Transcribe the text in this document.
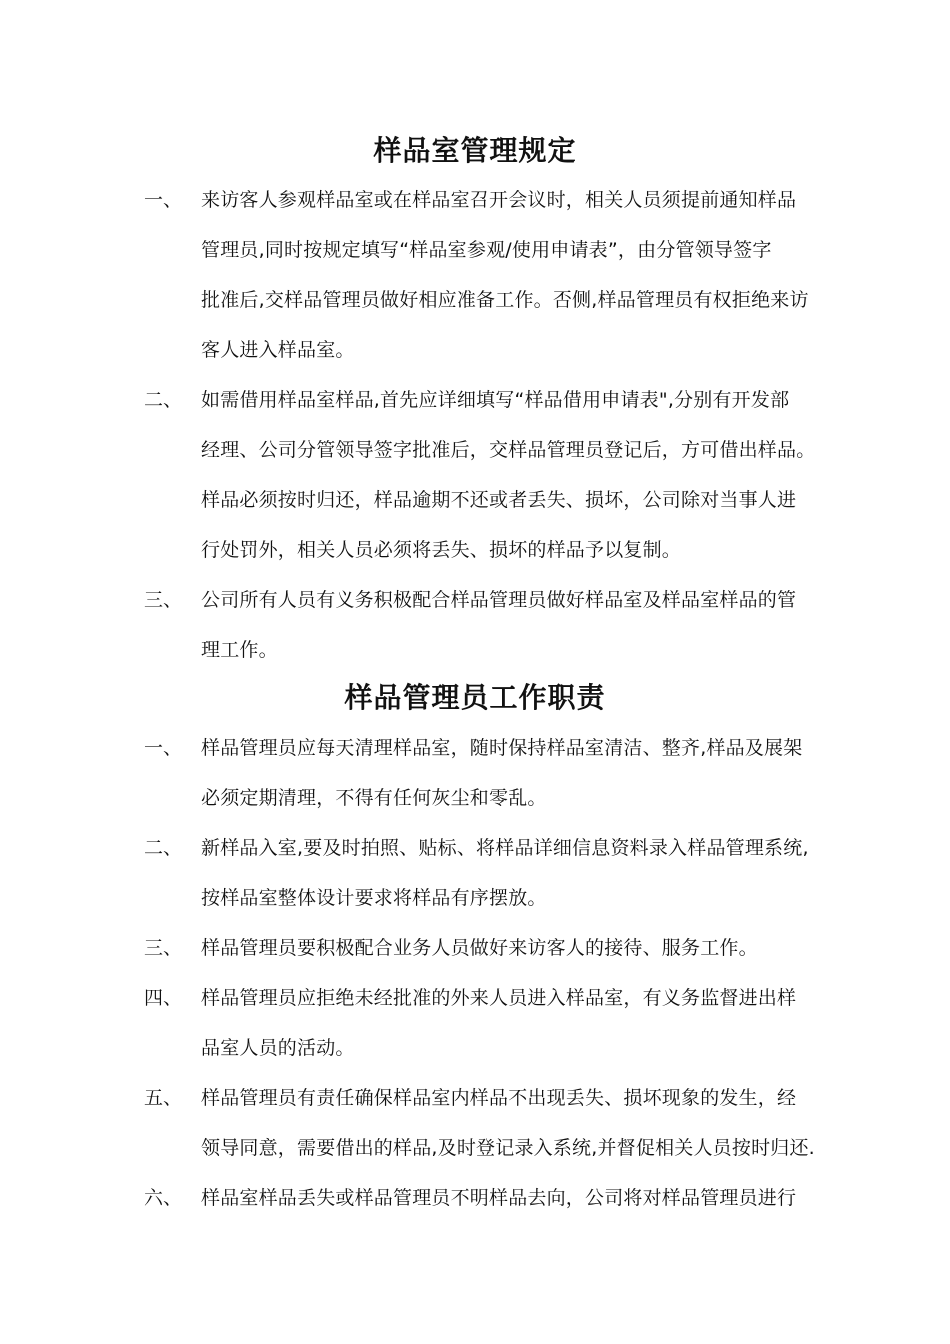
样品室管理规定
一、 来访客人参观样品室或在样品室召开会议时，相关人员须提前通知样品
管理员,同时按规定填写“样品室参观/使用申请表”，由分管领导签字
批准后,交样品管理员做好相应准备工作。否侧,样品管理员有权拒绝来访
客人进入样品室。
二、 如需借用样品室样品,首先应详细填写“样品借用申请表",分别有开发部
经理、公司分管领导签字批准后，交样品管理员登记后，方可借出样品。
样品必须按时归还，样品逾期不还或者丢失、损坏，公司除对当事人进
行处罚外，相关人员必须将丢失、损坏的样品予以复制。
三、 公司所有人员有义务积极配合样品管理员做好样品室及样品室样品的管
理工作。
样品管理员工作职责
一、 样品管理员应每天清理样品室，随时保持样品室清洁、整齐,样品及展架
必须定期清理，不得有任何灰尘和零乱。
二、 新样品入室,要及时拍照、贴标、将样品详细信息资料录入样品管理系统,
按样品室整体设计要求将样品有序摆放。
三、 样品管理员要积极配合业务人员做好来访客人的接待、服务工作。
四、 样品管理员应拒绝未经批准的外来人员进入样品室，有义务监督进出样
品室人员的活动。
五、 样品管理员有责任确保样品室内样品不出现丢失、损坏现象的发生，经
领导同意，需要借出的样品,及时登记录入系统,并督促相关人员按时归还.
六、 样品室样品丢失或样品管理员不明样品去向，公司将对样品管理员进行
